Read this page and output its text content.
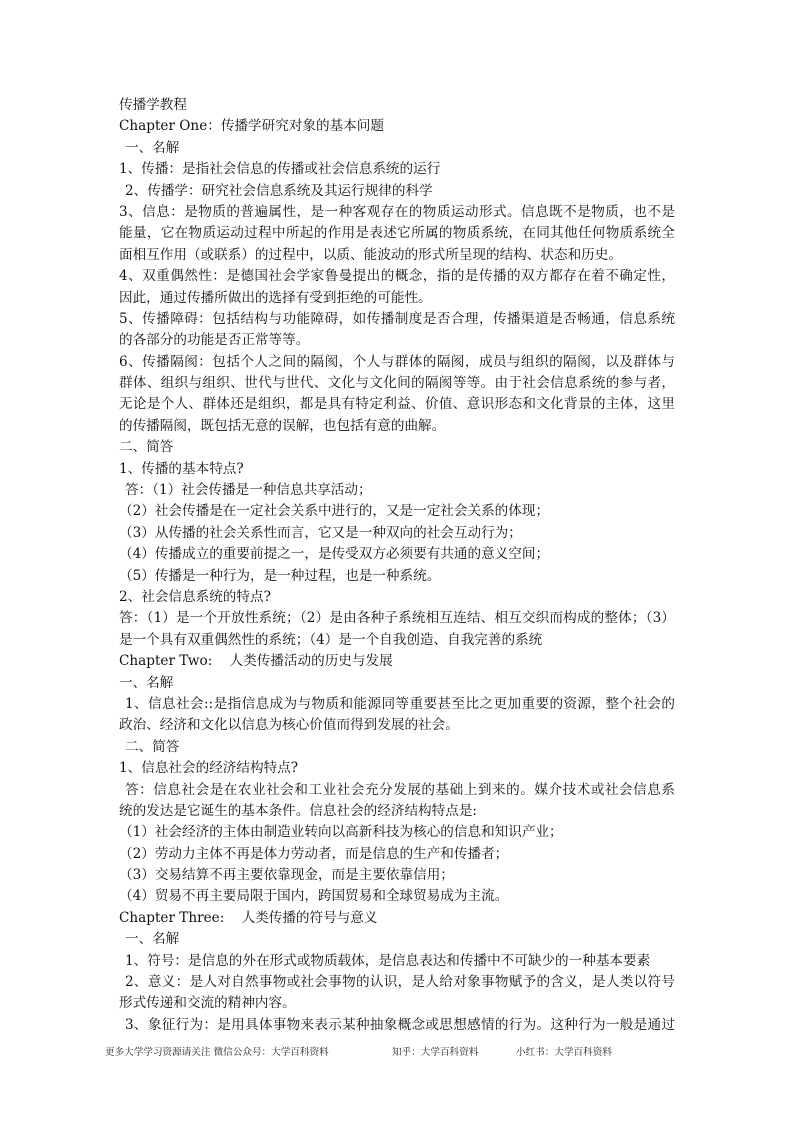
传播学教程
Chapter One：传播学研究对象的基本问题
一、名解
1、传播：是指社会信息的传播或社会信息系统的运行
2、传播学：研究社会信息系统及其运行规律的科学
3、信息：是物质的普遍属性，是一种客观存在的物质运动形式。信息既不是物质，也不是
能量，它在物质运动过程中所起的作用是表述它所属的物质系统，在同其他任何物质系统全
面相互作用（或联系）的过程中，以质、能波动的形式所呈现的结构、状态和历史。
4、双重偶然性：是德国社会学家鲁曼提出的概念，指的是传播的双方都存在着不确定性，
因此，通过传播所做出的选择有受到拒绝的可能性。
5、传播障碍：包括结构与功能障碍，如传播制度是否合理，传播渠道是否畅通，信息系统
的各部分的功能是否正常等等。
6、传播隔阂：包括个人之间的隔阂，个人与群体的隔阂，成员与组织的隔阂，以及群体与
群体、组织与组织、世代与世代、文化与文化间的隔阂等等。由于社会信息系统的参与者，
无论是个人、群体还是组织，都是具有特定利益、价值、意识形态和文化背景的主体，这里
的传播隔阂，既包括无意的误解，也包括有意的曲解。
二、简答
1、传播的基本特点?
答：（1）社会传播是一种信息共享活动；
（2）社会传播是在一定社会关系中进行的，又是一定社会关系的体现；
（3）从传播的社会关系性而言，它又是一种双向的社会互动行为；
（4）传播成立的重要前提之一，是传受双方必须要有共通的意义空间；
（5）传播是一种行为，是一种过程，也是一种系统。
2、社会信息系统的特点?
答：（1）是一个开放性系统；（2）是由各种子系统相互连结、相互交织而构成的整体；（3）
是一个具有双重偶然性的系统；（4）是一个自我创造、自我完善的系统
Chapter Two:    人类传播活动的历史与发展
一、名解
1、信息社会::是指信息成为与物质和能源同等重要甚至比之更加重要的资源，整个社会的
政治、经济和文化以信息为核心价值而得到发展的社会。
二、简答
1、信息社会的经济结构特点?
答：信息社会是在农业社会和工业社会充分发展的基础上到来的。媒介技术或社会信息系
统的发达是它诞生的基本条件。信息社会的经济结构特点是:
（1）社会经济的主体由制造业转向以高新科技为核心的信息和知识产业；
（2）劳动力主体不再是体力劳动者，而是信息的生产和传播者；
（3）交易结算不再主要依靠现金，而是主要依靠信用；
（4）贸易不再主要局限于国内，跨国贸易和全球贸易成为主流。
Chapter Three:    人类传播的符号与意义
一、名解
1、符号：是信息的外在形式或物质载体，是信息表达和传播中不可缺少的一种基本要素
2、意义：是人对自然事物或社会事物的认识，是人给对象事物赋予的含义，是人类以符号
形式传递和交流的精神内容。
3、象征行为：是用具体事物来表示某种抽象概念或思想感情的行为。这种行为一般是通过
更多大学学习资源请关注 微信公众号：大学百科资料	知乎：大学百科资料	小红书：大学百科资料
